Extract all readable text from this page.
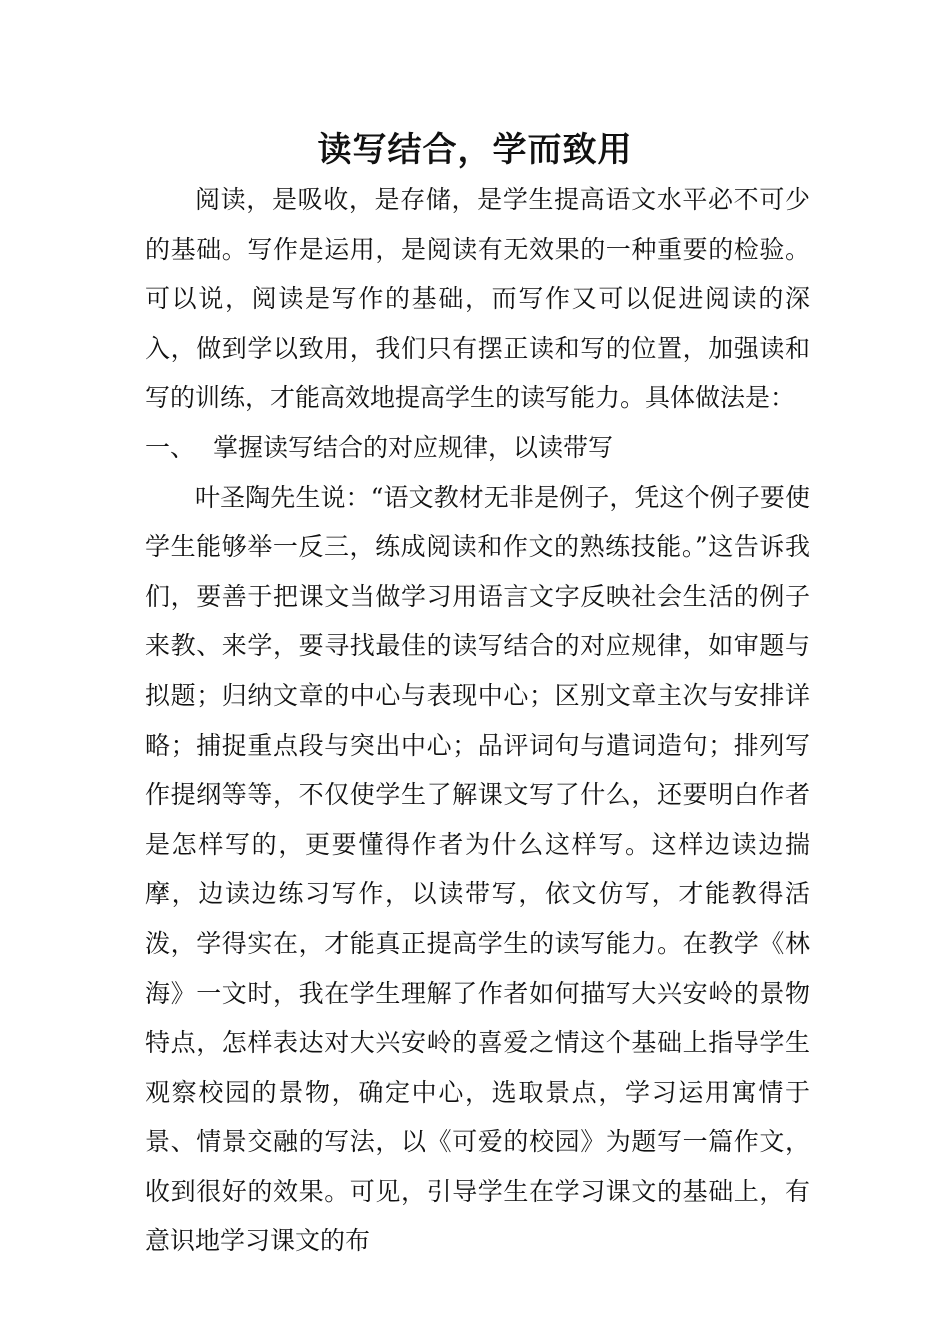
读写结合，学而致用

阅读，是吸收，是存储，是学生提高语文水平必不可少的基础。写作是运用，是阅读有无效果的一种重要的检验。可以说，阅读是写作的基础，而写作又可以促进阅读的深入，做到学以致用，我们只有摆正读和写的位置，加强读和写的训练，才能高效地提高学生的读写能力。具体做法是：

一、 掌握读写结合的对应规律，以读带写

叶圣陶先生说：“语文教材无非是例子，凭这个例子要使学生能够举一反三，练成阅读和作文的熟练技能。”这告诉我们，要善于把课文当做学习用语言文字反映社会生活的例子来教、来学，要寻找最佳的读写结合的对应规律，如审题与拟题；归纳文章的中心与表现中心；区别文章主次与安排详略；捕捉重点段与突出中心；品评词句与遣词造句；排列写作提纲等等，不仅使学生了解课文写了什么，还要明白作者是怎样写的，更要懂得作者为什么这样写。这样边读边揣摩，边读边练习写作，以读带写，依文仿写，才能教得活泼，学得实在，才能真正提高学生的读写能力。在教学《林海》一文时，我在学生理解了作者如何描写大兴安岭的景物特点，怎样表达对大兴安岭的喜爱之情这个基础上指导学生观察校园的景物，确定中心，选取景点，学习运用寓情于景、情景交融的写法，以《可爱的校园》为题写一篇作文，收到很好的效果。可见，引导学生在学习课文的基础上，有意识地学习课文的布
